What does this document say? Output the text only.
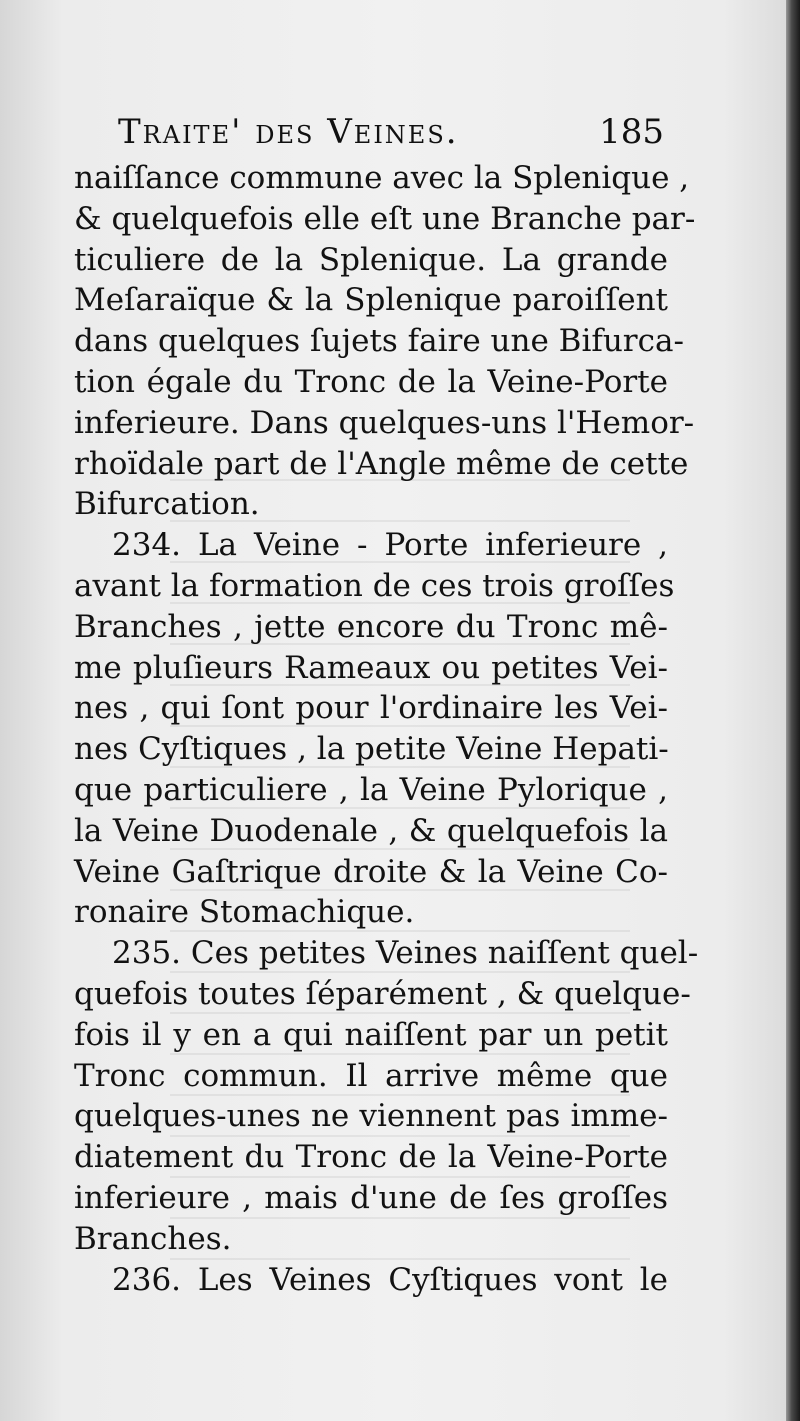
Traite' des Veines.	185
naiſſance commune avec la Splenique ,
& quelquefois elle eſt une Branche par-
ticuliere de la Splenique. La grande
Meſaraïque & la Splenique paroiſſent
dans quelques ſujets faire une Bifurca-
tion égale du Tronc de la Veine-Porte
inferieure. Dans quelques-uns l'Hemor-
rhoïdale part de l'Angle même de cette
Bifurcation.
234. La Veine - Porte inferieure ,
avant la formation de ces trois groſſes
Branches , jette encore du Tronc mê-
me pluſieurs Rameaux ou petites Vei-
nes , qui ſont pour l'ordinaire les Vei-
nes Cyſtiques , la petite Veine Hepati-
que particuliere , la Veine Pylorique ,
la Veine Duodenale , & quelquefois la
Veine Gaſtrique droite & la Veine Co-
ronaire Stomachique.
235. Ces petites Veines naiſſent quel-
quefois toutes ſéparément , & quelque-
fois il y en a qui naiſſent par un petit
Tronc commun. Il arrive même que
quelques-unes ne viennent pas imme-
diatement du Tronc de la Veine-Porte
inferieure , mais d'une de ſes groſſes
Branches.
236. Les Veines Cyſtiques vont le
